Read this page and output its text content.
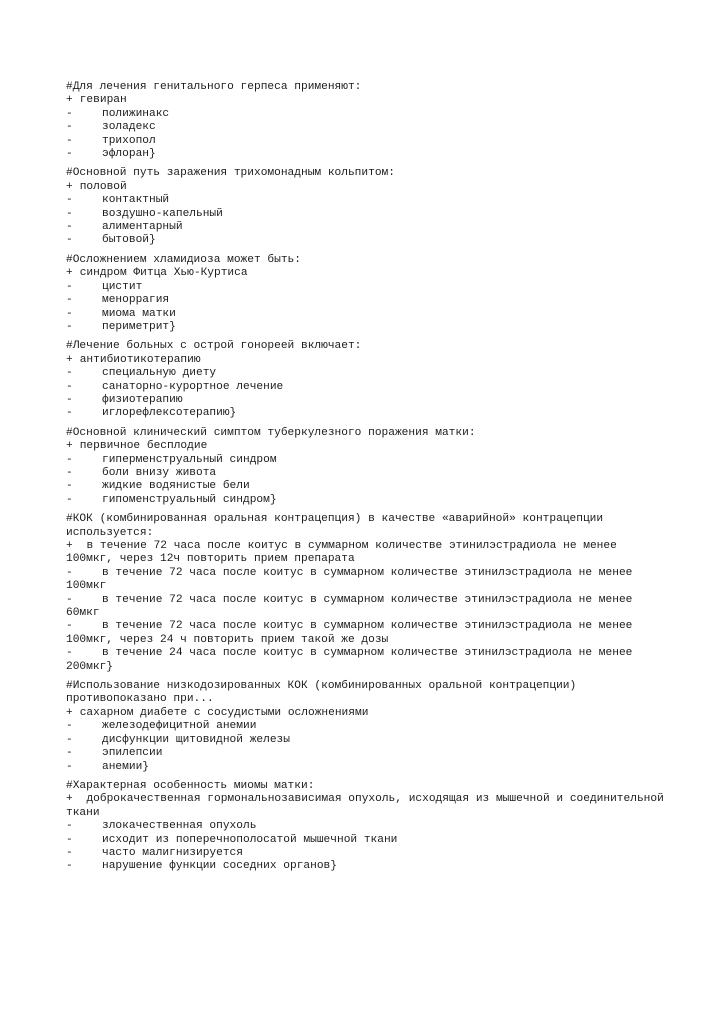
#Для лечения генитального герпеса применяют:
+ гевиран
-	полижинакс
-	золадекс
-	трихопол
-	эфлоран}
#Основной путь заражения трихомонадным кольпитом:
+ половой
-	контактный
-	воздушно-капельный
-	алиментарный
-	бытовой}
#Осложнением хламидиоза может быть:
+ синдром Фитца Хью-Куртиса
-	цистит
-	меноррагия
-	миома матки
-	периметрит}
#Лечение больных с острой гонореей включает:
+ антибиотикотерапию
-	специальную диету
-	санаторно-курортное лечение
-	физиотерапию
-	иглорефлексотерапию}
#Основной клинический симптом туберкулезного поражения матки:
+ первичное бесплодие
-	гиперменструальный синдром
-	боли внизу живота
-	жидкие водянистые бели
-	гипоменструальный синдром}
#КОК (комбинированная оральная контрацепция) в качестве «аварийной» контрацепции используется:
+ в течение 72 часа после коитус в суммарном количестве этинилэстрадиола не менее 100мкг, через 12ч повторить прием препарата
-	в течение 72 часа после коитус в суммарном количестве этинилэстрадиола не менее 100мкг
-	в течение 72 часа после коитус в суммарном количестве этинилэстрадиола не менее 60мкг
-	в течение 72 часа после коитус в суммарном количестве этинилэстрадиола не менее 100мкг, через 24 ч повторить прием такой же дозы
-	в течение 24 часа после коитус в суммарном количестве этинилэстрадиола не менее 200мкг}
#Использование низкодозированных КОК (комбинированных оральной контрацепции) противопоказано при...
+ сахарном диабете с сосудистыми осложнениями
-	железодефицитной анемии
-	дисфункции щитовидной железы
-	эпилепсии
-	анемии}
#Характерная особенность миомы матки:
+ доброкачественная гормональнозависимая опухоль, исходящая из мышечной и соединительной ткани
-	злокачественная опухоль
-	исходит из поперечнополосатой мышечной ткани
-	часто малигнизируется
-	нарушение функции соседних органов}
